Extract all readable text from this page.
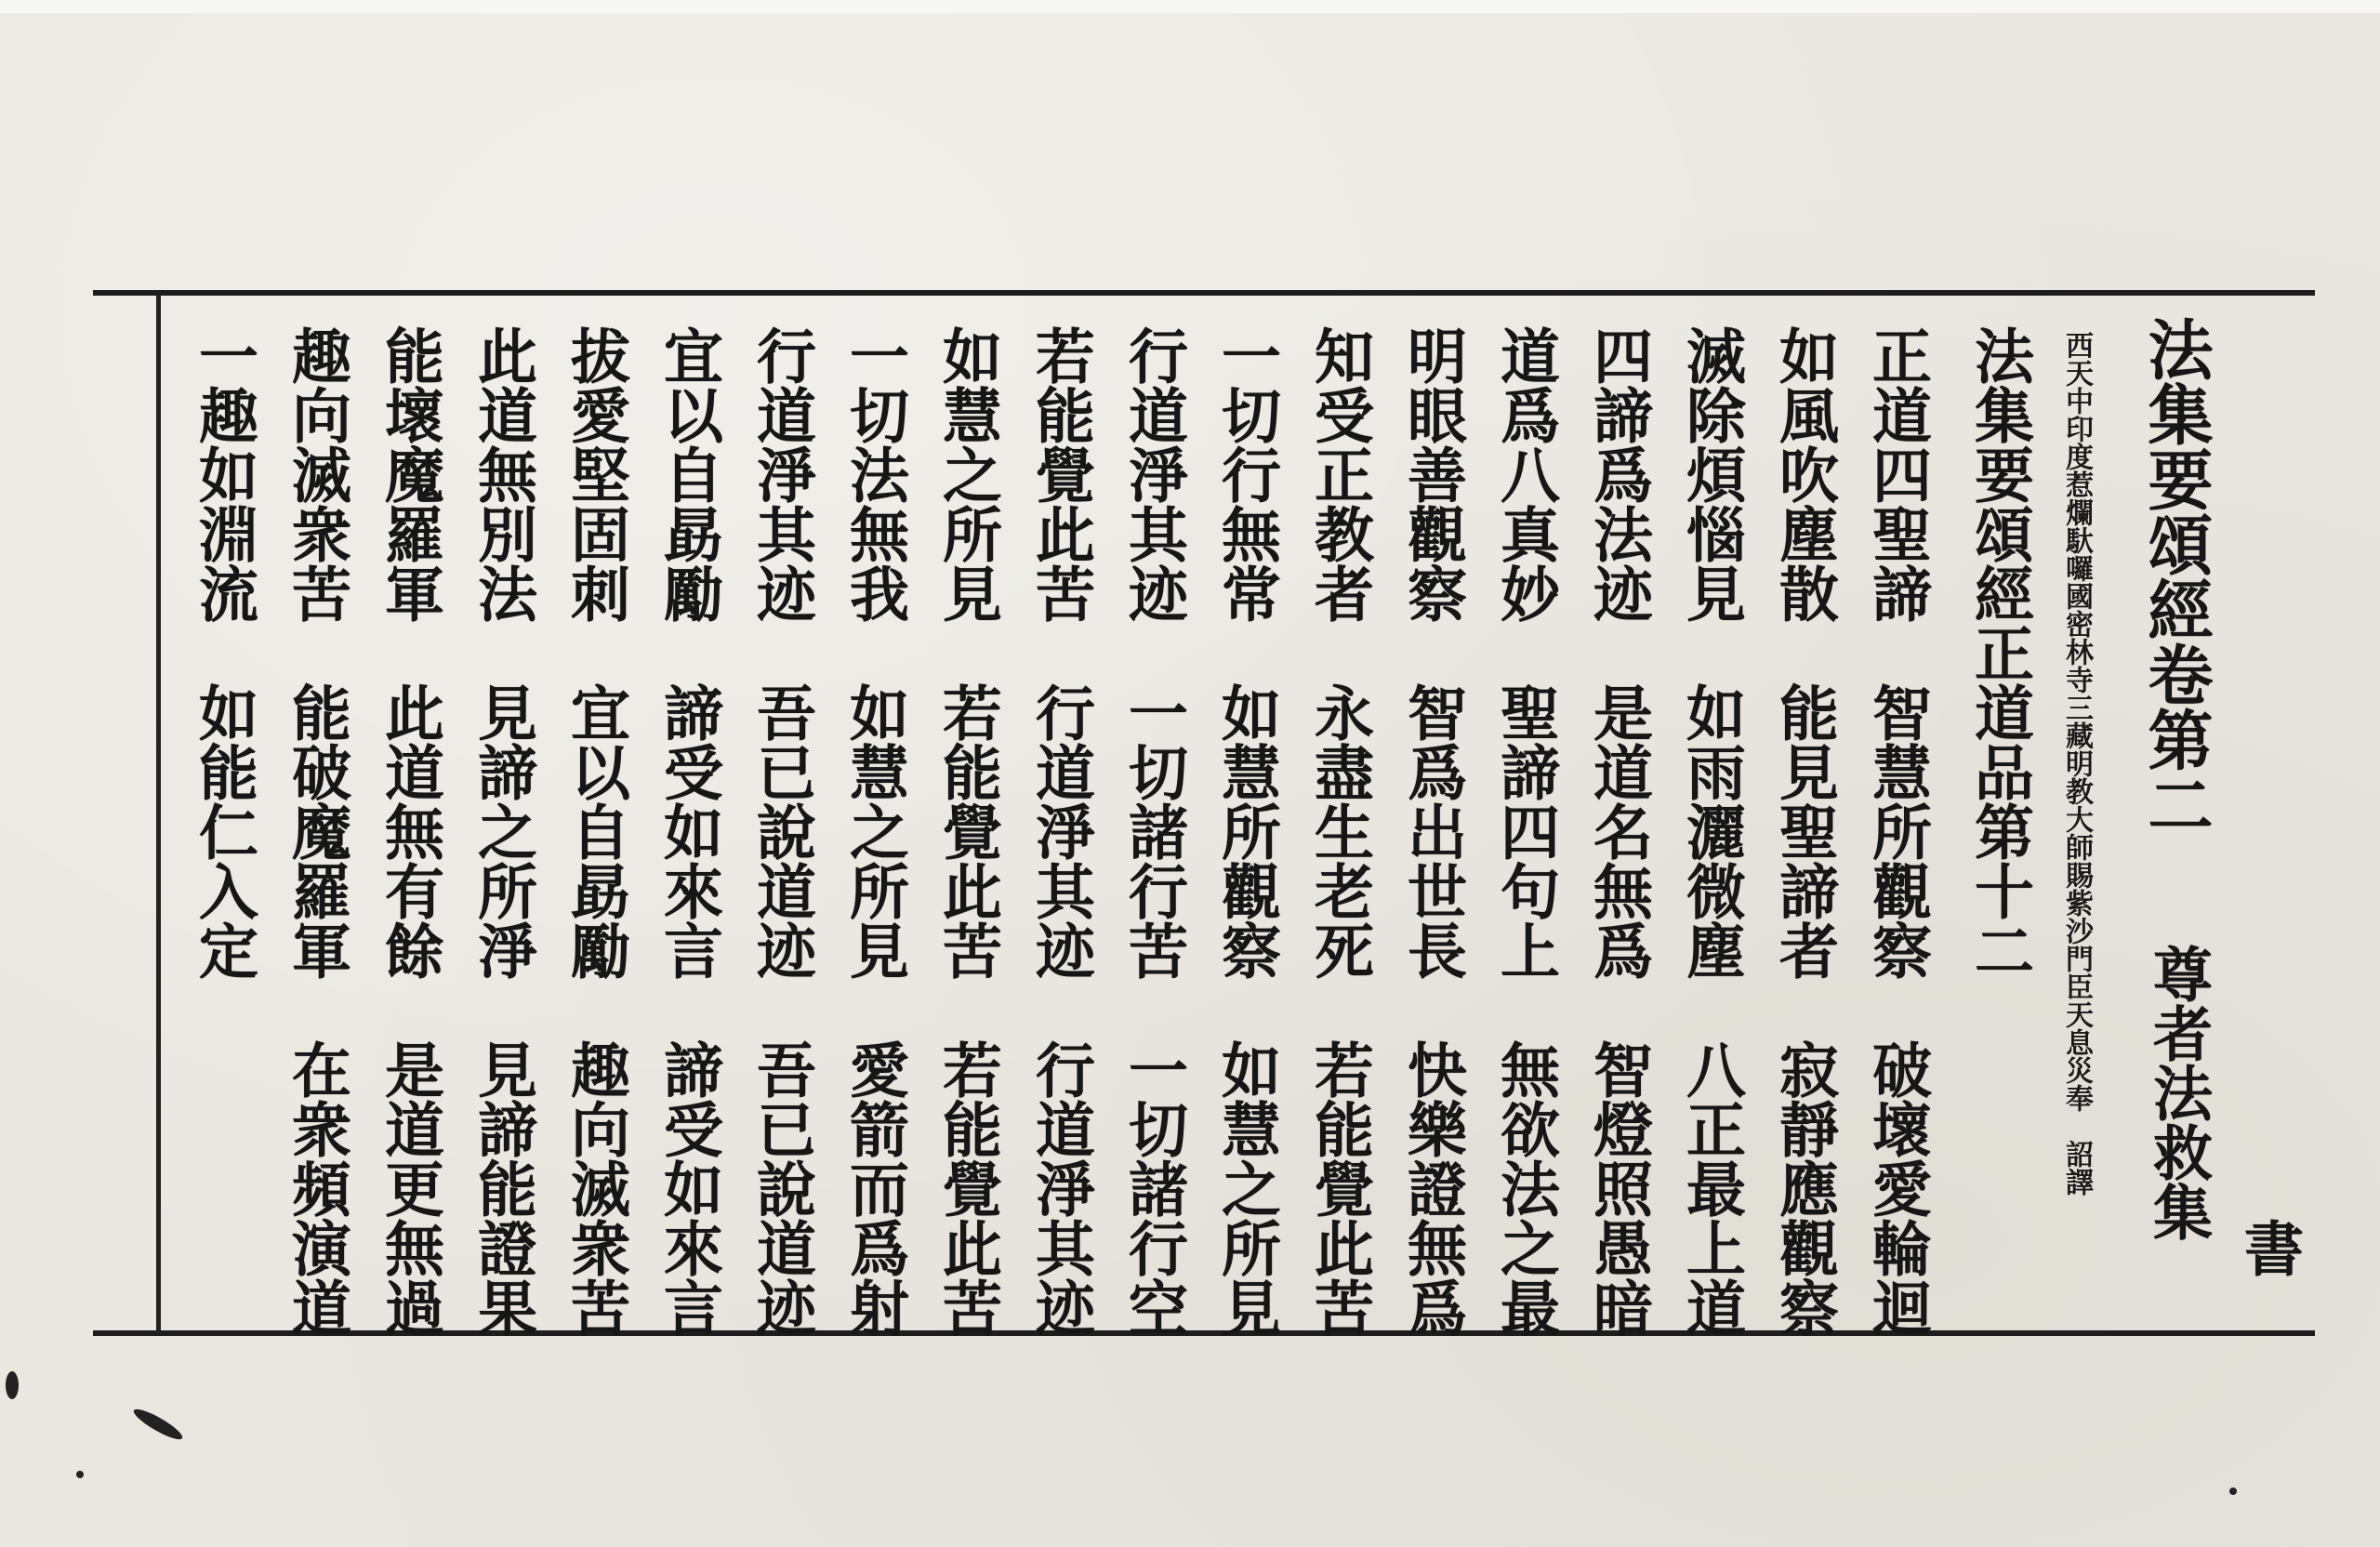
書
法集要頌經卷第二
尊者法救集
西天中印度惹爛馱囉國密林寺三藏明教大師賜紫沙門臣天息災奉　詔譯
法集要頌經正道品第十二
正道四聖諦　智慧所觀察　破壞愛輪迴
如風吹塵散　能見聖諦者　寂靜應觀察
滅除煩惱見　如雨灑微塵　八正最上道
四諦爲法迹　是道名無爲　智燈照愚暗
道爲八真妙　聖諦四句上　無欲法之最
明眼善觀察　智爲出世長　快樂證無爲
知受正教者　永盡生老死　若能覺此苦
一切行無常　如慧所觀察　如慧之所見
行道淨其迹　一切諸行苦　一切諸行空
若能覺此苦　行道淨其迹　行道淨其迹
如慧之所見　若能覺此苦　若能覺此苦
一切法無我　如慧之所見　愛箭而爲射
行道淨其迹　吾已說道迹　吾已說道迹
宜以自勗勵　諦受如來言　諦受如來言
拔愛堅固刺　宜以自勗勵　趣向滅衆苦
此道無別法　見諦之所淨　見諦能證果
能壞魔羅軍　此道無有餘　是道更無過
趣向滅衆苦　能破魔羅軍　在衆頻演道
一趣如淵流　如能仁入定
